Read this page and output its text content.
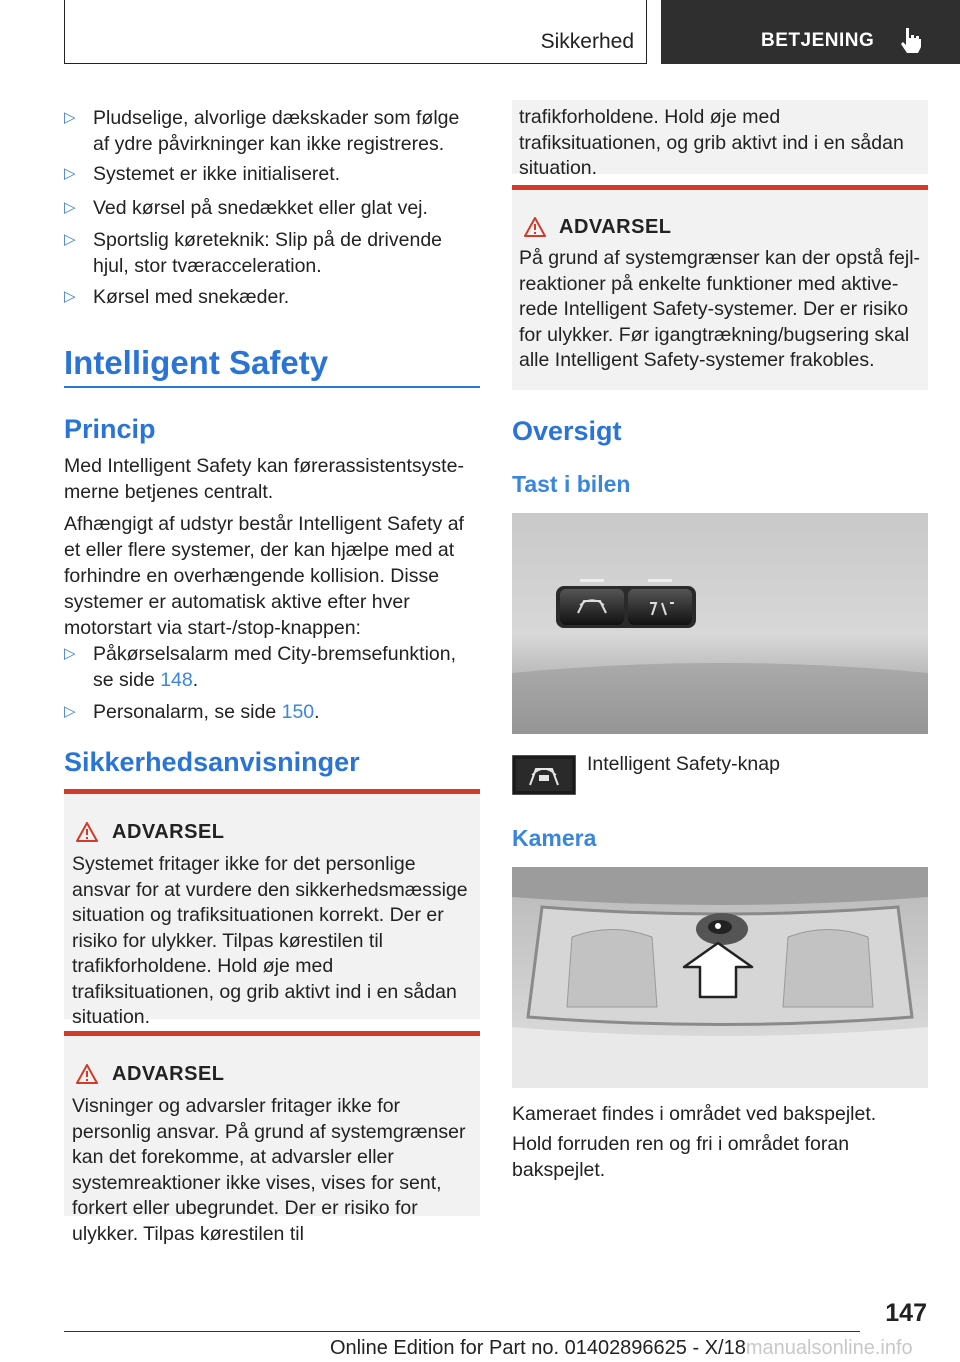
Sikkerhed	BETJENING
▷ Pludselige, alvorlige dækskader som følge af ydre påvirkninger kan ikke registreres.
▷ Systemet er ikke initialiseret.
▷ Ved kørsel på snedækket eller glat vej.
▷ Sportslig køreteknik: Slip på de drivende hjul, stor tværacceleration.
▷ Kørsel med snekæder.
Intelligent Safety
Princip
Med Intelligent Safety kan førerassistentsystemerne betjenes centralt.
Afhængigt af udstyr består Intelligent Safety af et eller flere systemer, der kan hjælpe med at forhindre en overhængende kollision. Disse systemer er automatisk aktive efter hver motorstart via start-/stop-knappen:
▷ Påkørselsalarm med City-bremsefunktion, se side 148.
▷ Personalarm, se side 150.
Sikkerhedsanvisninger
ADVARSEL
Systemet fritager ikke for det personlige ansvar for at vurdere den sikkerhedsmæssige situation og trafiksituationen korrekt. Der er risiko for ulykker. Tilpas kørestilen til trafikforholdene. Hold øje med trafiksituationen, og grib aktivt ind i en sådan situation.
ADVARSEL
Visninger og advarsler fritager ikke for personlig ansvar. På grund af systemgrænser kan det forekomme, at advarsler eller systemreaktioner ikke vises, vises for sent, forkert eller ubegrundet. Der er risiko for ulykker. Tilpas kørestilen til
trafikforholdene. Hold øje med trafiksituationen, og grib aktivt ind i en sådan situation.
ADVARSEL
På grund af systemgrænser kan der opstå fejlreaktioner på enkelte funktioner med aktiverede Intelligent Safety-systemer. Der er risiko for ulykker. Før igangtrækning/bugsering skal alle Intelligent Safety-systemer frakobles.
Oversigt
Tast i bilen
Intelligent Safety-knap
Kamera
Kameraet findes i området ved bakspejlet.
Hold forruden ren og fri i området foran bakspejlet.
147
Online Edition for Part no. 01402896625 - X/18manualsonline.info
